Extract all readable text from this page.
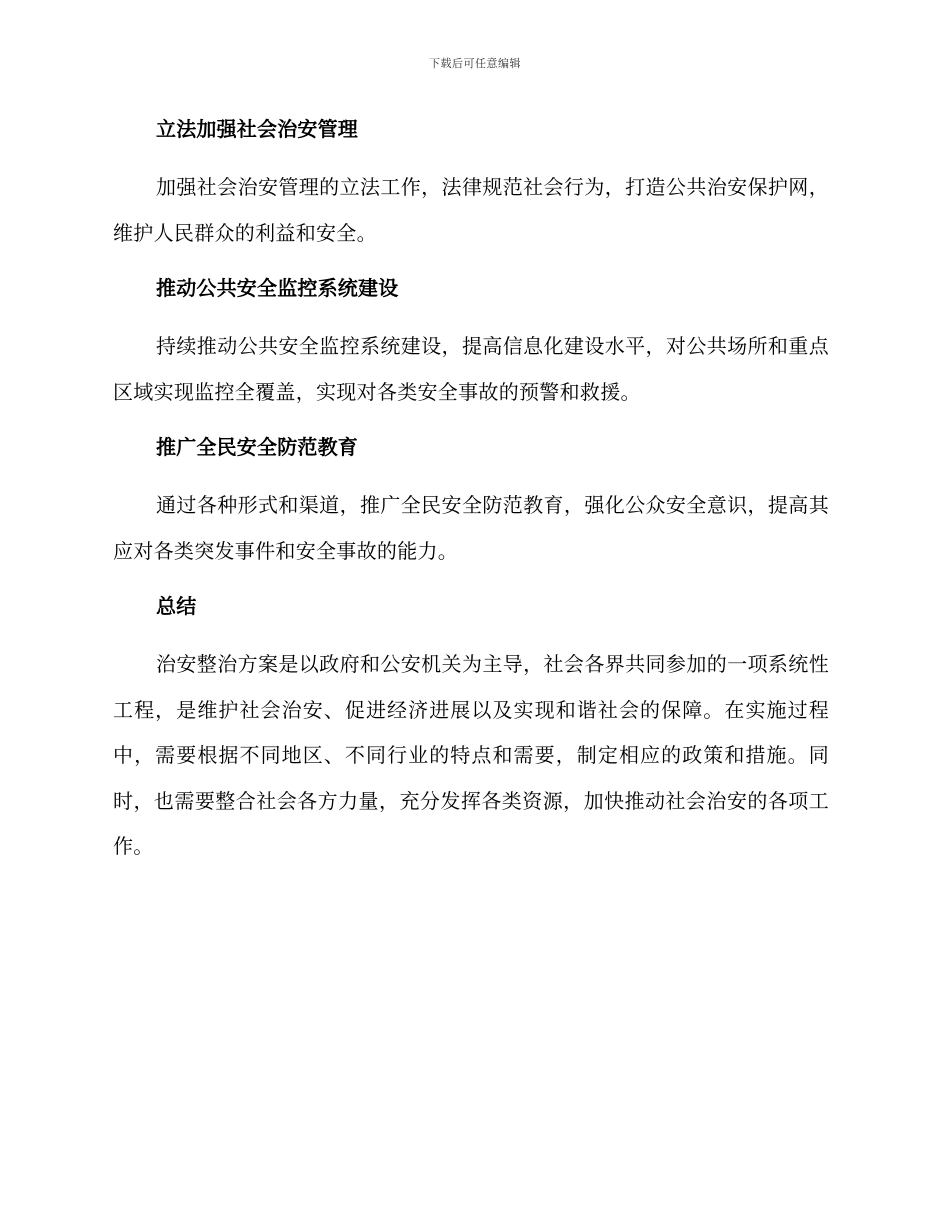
下载后可任意编辑
立法加强社会治安管理

加强社会治安管理的立法工作，法律规范社会行为，打造公共治安保护网，维护人民群众的利益和安全。

推动公共安全监控系统建设

持续推动公共安全监控系统建设，提高信息化建设水平，对公共场所和重点区域实现监控全覆盖，实现对各类安全事故的预警和救援。

推广全民安全防范教育

通过各种形式和渠道，推广全民安全防范教育，强化公众安全意识，提高其应对各类突发事件和安全事故的能力。

总结

治安整治方案是以政府和公安机关为主导，社会各界共同参加的一项系统性工程，是维护社会治安、促进经济进展以及实现和谐社会的保障。在实施过程中，需要根据不同地区、不同行业的特点和需要，制定相应的政策和措施。同时，也需要整合社会各方力量，充分发挥各类资源，加快推动社会治安的各项工作。
